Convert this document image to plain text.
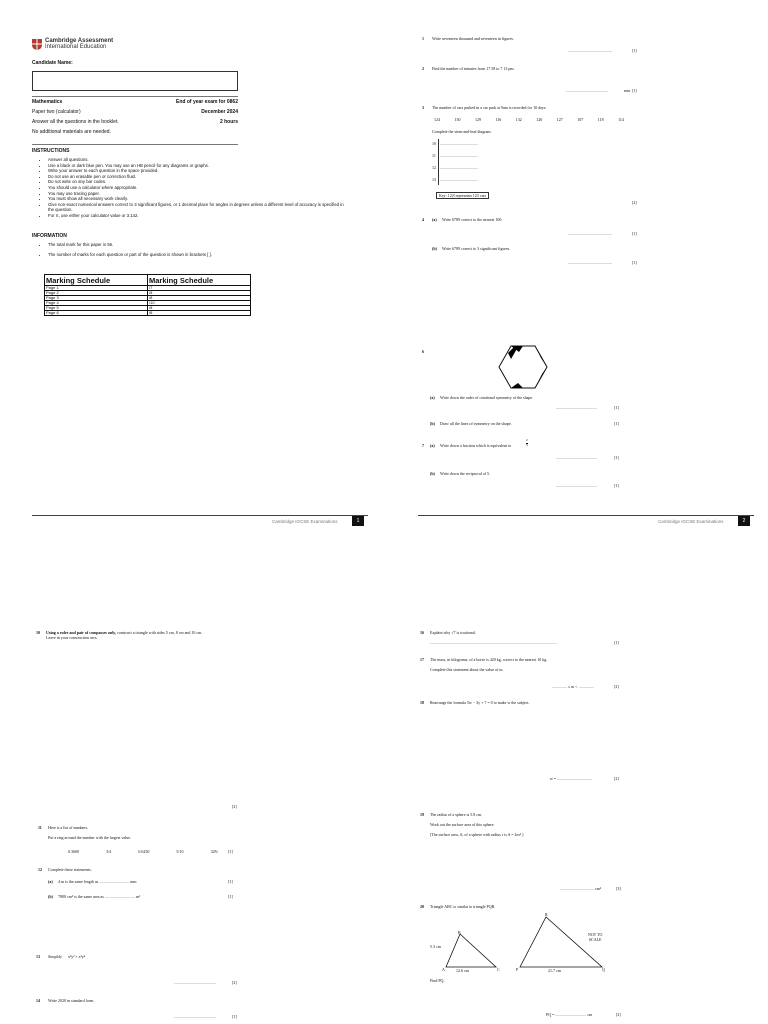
Cambridge Assessment
International Education
Candidate Name:
Mathematics	End of year exam for 0862
Paper two (calculator)	December 2024
Answer all the questions in the booklet.	2 hours
No additional materials are needed.
INSTRUCTIONS
• Answer all questions.
• Use a black or dark blue pen. You may use an HB pencil for any diagrams or graphs.
• Write your answer to each question in the space provided.
• Do not use an erasable pen or correction fluid.
• Do not write on any bar codes.
• You should use a calculator where appropriate.
• You may use tracing paper.
• You must show all necessary work clearly.
• Give non-exact numerical answers correct to 3 significant figures, or 1 decimal place for angles in degrees unless a different level of accuracy is specified in the question.
• For π, use either your calculator value or 3.142.
INFORMATION
• The total mark for this paper is 56.
• The number of marks for each question or part of the question is shown in brackets [ ].
Marking Schedule	Marking Schedule
Page 1	/7
Page 2	/8
Page 3	/8
Page 4	/10
Page 5	/8
Page 6	/8
Cambridge IGCSE Examinations	1
1 Write seventeen thousand and seventeen in figures.
............................................	[1]
2 Find the number of minutes from 17 58 to 7 13 pm.
..........................................	min [1]
3 The number of cars parked in a car park at 9am is recorded for 10 days.
124	130	129	116	132	120	127	107	118	114
Complete the stem-and-leaf diagram.
10 ......................................
11 ......................................
12 ......................................
13 ......................................
Key: 12|3 represents 123 cars
[2]
4 (a) Write 6789 correct to the nearest 100.
............................................	[1]
(b) Write 6789 correct to 3 significant figures.
............................................	[1]
6
(a) Write down the order of rotational symmetry of the shape.
.........................................	[1]
(b) Draw all the lines of symmetry on the shape.	[1]
7 (a) Write down a fraction which is equivalent to	$\frac{2}{3}$
.........................................	[1]
(b) Write down the reciprocal of 5.
.........................................	[1]
Cambridge IGCSE Examinations	2
10 Using a ruler and pair of compasses only, construct a triangle with sides 5 cm, 8 cm and 10 cm.
Leave in your construction arcs.
[2]
11 Here is a list of numbers.
Put a ring around the number with the largest value.
0.3600	3/4	0.6250	5/10	32%	[1]
12 Complete these statements.
(a) 4 m is the same length as .............................. mm	[1]
(b) 7800 cm² is the same area as .............................. m²	[1]
13 Simplify x³y² × x²y⁴
..........................................	[2]
14 Write 2020 in standard form.
..........................................	[1]
16 Explain why √7 is irrational.
...............................................................................................................................	[1]
17 The mass, m kilograms, of a horse is 420 kg, correct to the nearest 10 kg.
Complete this statement about the value of m.
............... ≤ m < ...............	[2]
18 Rearrange the formula 5w − 3y + 7 = 0 to make w the subject.
w = ...................................	[2]
19 The radius of a sphere is 5.8 cm.
Work out the surface area of this sphere.
[The surface area, A, of a sphere with radius r is A = 4πr².]
.................................. cm²	[3]
20 Triangle ABC is similar to triangle PQR.
A
B
C	P	Q
R
5.3 cm
12.6 cm	21.7 cm
NOT TO
SCALE
Find PQ.
PQ = ............................... cm	[2]
